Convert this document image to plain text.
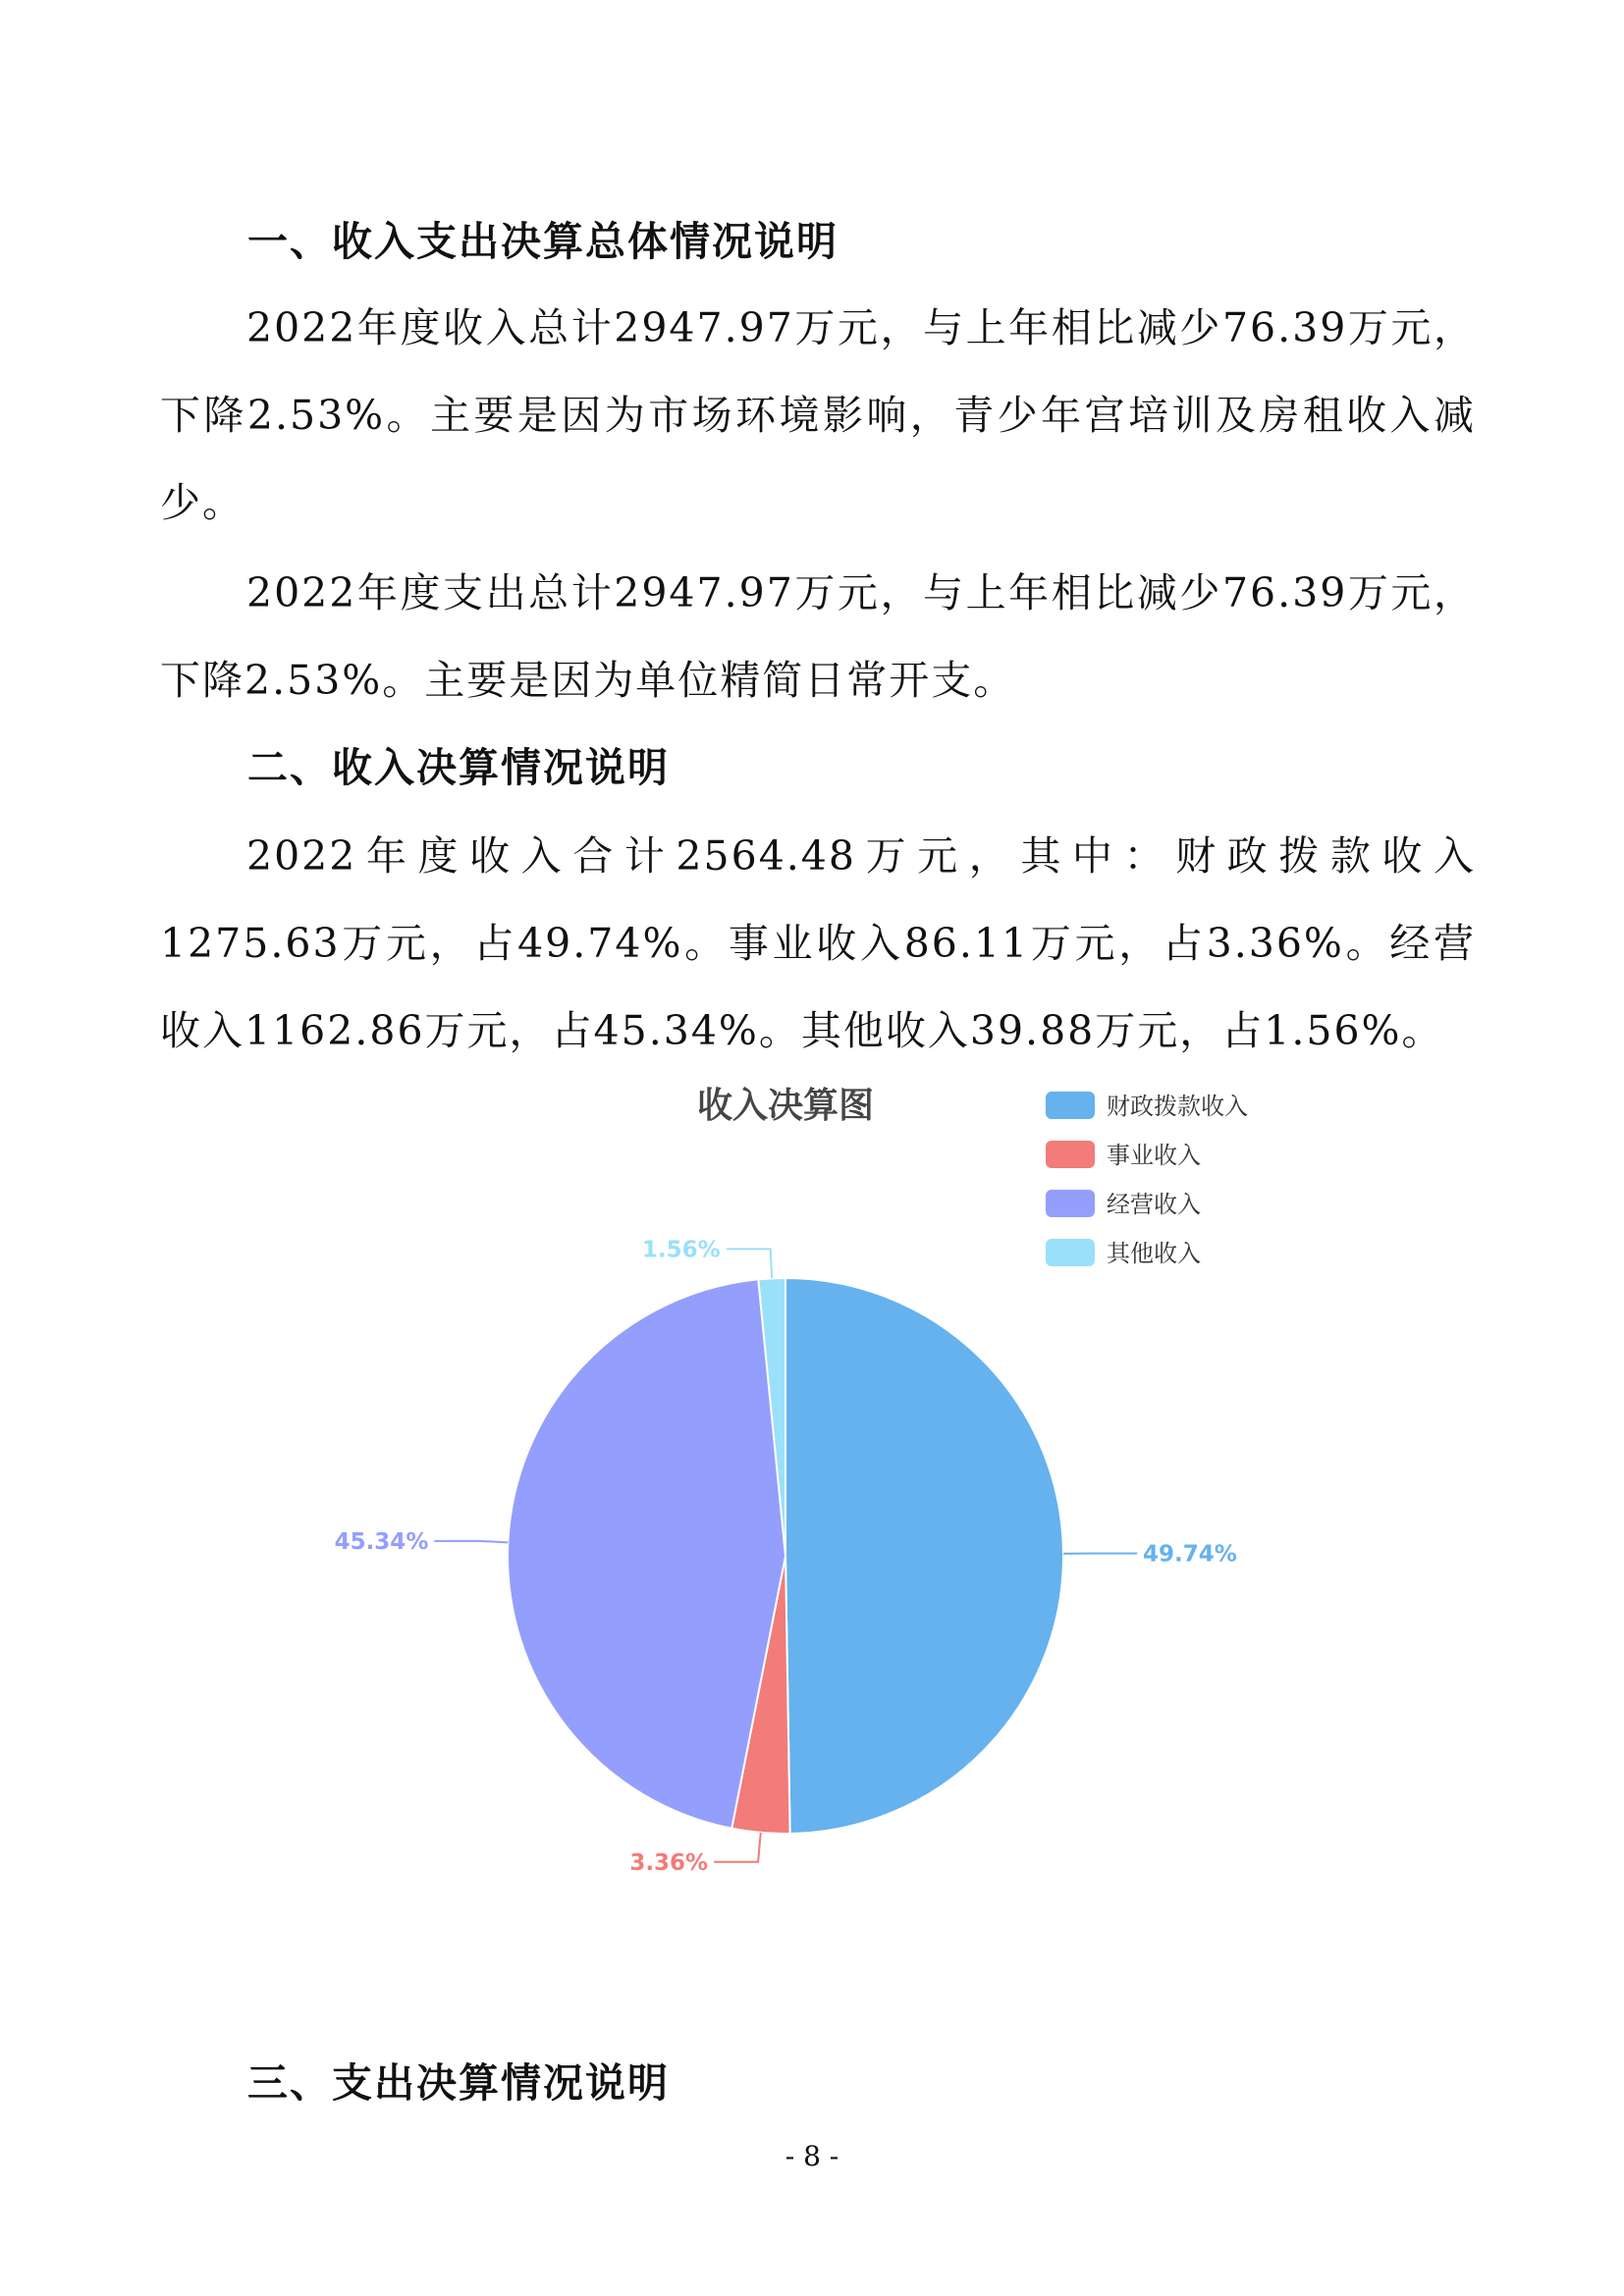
一、收入支出决算总体情况说明

2022年度收入总计2947.97万元，与上年相比减少76.39万元，下降2.53%。主要是因为市场环境影响，青少年宫培训及房租收入减少。

2022年度支出总计2947.97万元，与上年相比减少76.39万元，下降2.53%。主要是因为单位精简日常开支。

二、收入决算情况说明

2022年度收入合计2564.48万元，其中：财政拨款收入1275.63万元，占49.74%。事业收入86.11万元，占3.36%。经营收入1162.86万元，占45.34%。其他收入39.88万元，占1.56%。

收入决算图
49.74%
3.36%
45.34%
1.56%
财政拨款收入
事业收入
经营收入
其他收入
三、支出决算情况说明
- 8 -
